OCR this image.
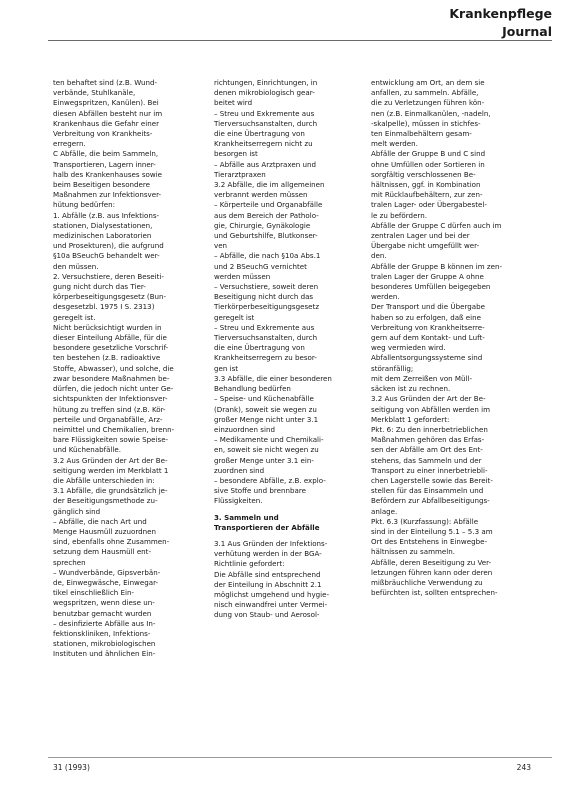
Krankenpflege
Journal
ten behaftet sind (z.B. Wund-
verbände, Stuhlkanäle,
Einwegspritzen, Kanülen). Bei
diesen Abfällen besteht nur im
Krankenhaus die Gefahr einer
Verbreitung von Krankheits-
erregern.
C Abfälle, die beim Sammeln,
Transportieren, Lagern inner-
halb des Krankenhauses sowie
beim Beseitigen besondere
Maßnahmen zur Infektionsver-
hütung bedürfen:
1. Abfälle (z.B. aus Infektions-
stationen, Dialysestationen,
medizinischen Laboratorien
und Prosekturen), die aufgrund
§10a BSeuchG behandelt wer-
den müssen.
2. Versuchstiere, deren Beseiti-
gung nicht durch das Tier-
körperbeseitigungsgesetz (Bun-
desgesetzbl. 1975 I S. 2313)
geregelt ist.
Nicht berücksichtigt wurden in
dieser Einteilung Abfälle, für die
besondere gesetzliche Vorschrif-
ten bestehen (z.B. radioaktive
Stoffe, Abwasser), und solche, die
zwar besondere Maßnahmen be-
dürfen, die jedoch nicht unter Ge-
sichtspunkten der Infektionsver-
hütung zu treffen sind (z.B. Kör-
perteile und Organabfälle, Arz-
neimittel und Chemikalien, brenn-
bare Flüssigkeiten sowie Speise-
und Küchenabfälle.
3.2 Aus Gründen der Art der Be-
seitigung werden im Merkblatt 1
die Abfälle unterschieden in:
3.1 Abfälle, die grundsätzlich je-
der Beseitigungsmethode zu-
gänglich sind
– Abfälle, die nach Art und
Menge Hausmüll zuzuordnen
sind, ebenfalls ohne Zusammen-
setzung dem Hausmüll ent-
sprechen
– Wundverbände, Gipsverbän-
de, Einwegwäsche, Einwegar-
tikel einschließlich Ein-
wegspritzen, wenn diese un-
benutzbar gemacht wurden
– desinfizierte Abfälle aus In-
fektionskliniken, Infektions-
stationen, mikrobiologischen
Instituten und ähnlichen Ein-
richtungen, Einrichtungen, in
denen mikrobiologisch gear-
beitet wird
– Streu und Exkremente aus
Tierversuchsanstalten, durch
die eine Übertragung von
Krankheitserregern nicht zu
besorgen ist
– Abfälle aus Arztpraxen und
Tierarztpraxen
3.2 Abfälle, die im allgemeinen
verbrannt werden müssen
– Körperteile und Organabfälle
aus dem Bereich der Patholo-
gie, Chirurgie, Gynäkologie
und Geburtshilfe, Blutkonser-
ven
– Abfälle, die nach §10a Abs.1
und 2 BSeuchG vernichtet
werden müssen
– Versuchstiere, soweit deren
Beseitigung nicht durch das
Tierkörperbeseitigungsgesetz
geregelt ist
– Streu und Exkremente aus
Tierversuchsanstalten, durch
die eine Übertragung von
Krankheitserregern zu besor-
gen ist
3.3 Abfälle, die einer besonderen
Behandlung bedürfen
– Speise- und Küchenabfälle
(Drank), soweit sie wegen zu
großer Menge nicht unter 3.1
einzuordnen sind
– Medikamente und Chemikali-
en, soweit sie nicht wegen zu
großer Menge unter 3.1 ein-
zuordnen sind
– besondere Abfälle, z.B. explo-
sive Stoffe und brennbare
Flüssigkeiten.
3. Sammeln und
Transportieren der Abfälle
3.1 Aus Gründen der Infektions-
verhütung werden in der BGA-
Richtlinie gefordert:
Die Abfälle sind entsprechend
der Einteilung in Abschnitt 2.1
möglichst umgehend und hygie-
nisch einwandfrei unter Vermei-
dung von Staub- und Aerosol-
entwicklung am Ort, an dem sie
anfallen, zu sammeln. Abfälle,
die zu Verletzungen führen kön-
nen (z.B. Einmalkanülen, -nadeln,
-skalpelle), müssen in stichfes-
ten Einmalbehältern gesam-
melt werden.
Abfälle der Gruppe B und C sind
ohne Umfüllen oder Sortieren in
sorgfältig verschlossenen Be-
hältnissen, ggf. in Kombination
mit Rücklaufbehältern, zur zen-
tralen Lager- oder Übergabestel-
le zu befördern.
Abfälle der Gruppe C dürfen auch im
zentralen Lager und bei der
Übergabe nicht umgefüllt wer-
den.
Abfälle der Gruppe B können im zen-
tralen Lager der Gruppe A ohne
besonderes Umfüllen beigegeben
werden.
Der Transport und die Übergabe
haben so zu erfolgen, daß eine
Verbreitung von Krankheitserre-
gern auf dem Kontakt- und Luft-
weg vermieden wird.
Abfallentsorgungssysteme sind
störanfällig;
mit dem Zerreißen von Müll-
säcken ist zu rechnen.
3.2 Aus Gründen der Art der Be-
seitigung von Abfällen werden im
Merkblatt 1 gefordert:
Pkt. 6: Zu den innerbetrieblichen
Maßnahmen gehören das Erfas-
sen der Abfälle am Ort des Ent-
stehens, das Sammeln und der
Transport zu einer innerbetriebli-
chen Lagerstelle sowie das Bereit-
stellen für das Einsammeln und
Befördern zur Abfallbeseitigungs-
anlage.
Pkt. 6.3 (Kurzfassung): Abfälle
sind in der Einteilung 5.1 – 5.3 am
Ort des Entstehens in Einwegbe-
hältnissen zu sammeln.
Abfälle, deren Beseitigung zu Ver-
letzungen führen kann oder deren
mißbräuchliche Verwendung zu
befürchten ist, sollten entsprechen-
31 (1993)	243
